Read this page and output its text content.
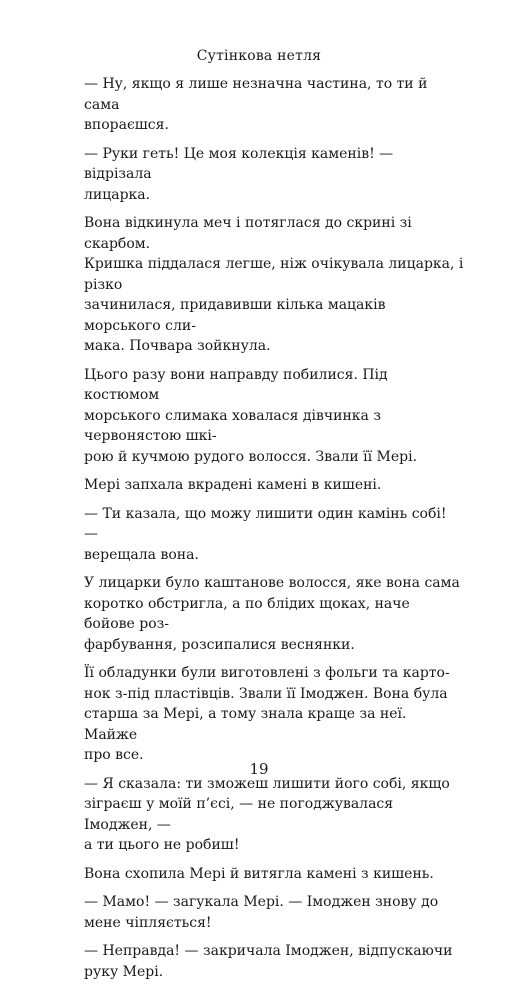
Сутінкова нетля

— Ну, якщо я лише незначна частина, то ти й сама
впораєшся.

— Руки геть! Це моя колекція каменів! — відрізала
лицарка.

Вона відкинула меч і потяглася до скрині зі скарбом.
Кришка піддалася легше, ніж очікувала лицарка, і різко
зачинилася, придавивши кілька мацаків морського сли-
мака. Почвара зойкнула.

Цього разу вони направду побилися. Під костюмом
морського слимака ховалася дівчинка з червонястою шкі-
рою й кучмою рудого волосся. Звали її Мері.

Мері запхала вкрадені камені в кишені.

— Ти казала, що можу лишити один камінь собі! —
верещала вона.

У лицарки було каштанове волосся, яке вона сама
коротко обстригла, а по блідих щоках, наче бойове роз-
фарбування, розсипалися веснянки.

Її обладунки були виготовлені з фольги та карто-
нок з-під пластівців. Звали її Імоджен. Вона була
старша за Мері, а тому знала краще за неї. Майже
про все.

— Я сказала: ти зможеш лишити його собі, якщо
зіграєш у моїй п’єсі, — не погоджувалася Імоджен, —
а ти цього не робиш!

Вона схопила Мері й витягла камені з кишень.

— Мамо! — загукала Мері. — Імоджен знову до
мене чіпляється!

— Неправда! — закричала Імоджен, відпускаючи
руку Мері.

19
